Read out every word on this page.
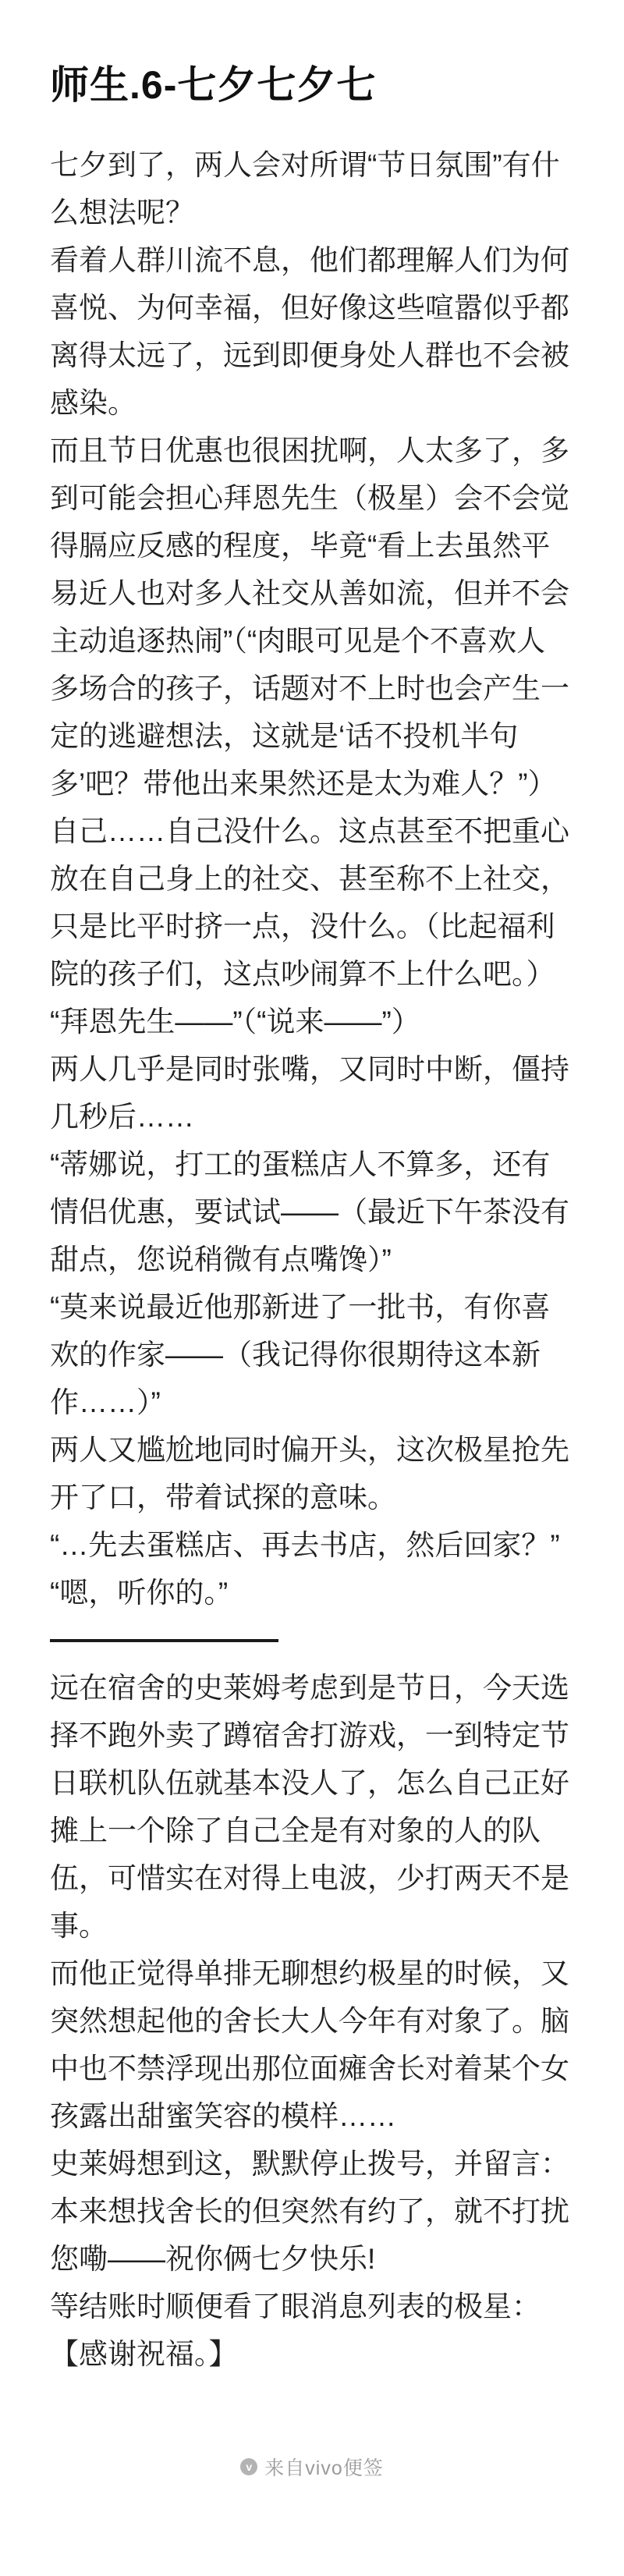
师生.6-七夕七夕七

七夕到了，两人会对所谓“节日氛围”有什么想法呢？

看着人群川流不息，他们都理解人们为何喜悦、为何幸福，但好像这些喧嚣似乎都离得太远了，远到即便身处人群也不会被感染。

而且节日优惠也很困扰啊，人太多了，多到可能会担心拜恩先生（极星）会不会觉得膈应反感的程度，毕竟“看上去虽然平易近人也对多人社交从善如流，但并不会主动追逐热闹”（“肉眼可见是个不喜欢人多场合的孩子，话题对不上时也会产生一定的逃避想法，这就是‘话不投机半句多’吧？带他出来果然还是太为难人？”）

自己……自己没什么。这点甚至不把重心放在自己身上的社交、甚至称不上社交，只是比平时挤一点，没什么。（比起福利院的孩子们，这点吵闹算不上什么吧。）

“拜恩先生——”（“说来——”）

两人几乎是同时张嘴，又同时中断，僵持几秒后……

“蒂娜说，打工的蛋糕店人不算多，还有情侣优惠，要试试——（最近下午茶没有甜点，您说稍微有点嘴馋）”

“莫来说最近他那新进了一批书，有你喜欢的作家——（我记得你很期待这本新作……）”

两人又尴尬地同时偏开头，这次极星抢先开了口，带着试探的意味。

“…先去蛋糕店、再去书店，然后回家？”

“嗯，听你的。”

远在宿舍的史莱姆考虑到是节日，今天选择不跑外卖了蹲宿舍打游戏，一到特定节日联机队伍就基本没人了，怎么自己正好摊上一个除了自己全是有对象的人的队伍，可惜实在对得上电波，少打两天不是事。

而他正觉得单排无聊想约极星的时候，又突然想起他的舍长大人今年有对象了。脑中也不禁浮现出那位面瘫舍长对着某个女孩露出甜蜜笑容的模样……

史莱姆想到这，默默停止拨号，并留言：本来想找舍长的但突然有约了，就不打扰您嘞——祝你俩七夕快乐!

等结账时顺便看了眼消息列表的极星：

【感谢祝福。】

v 来自vivo便签
